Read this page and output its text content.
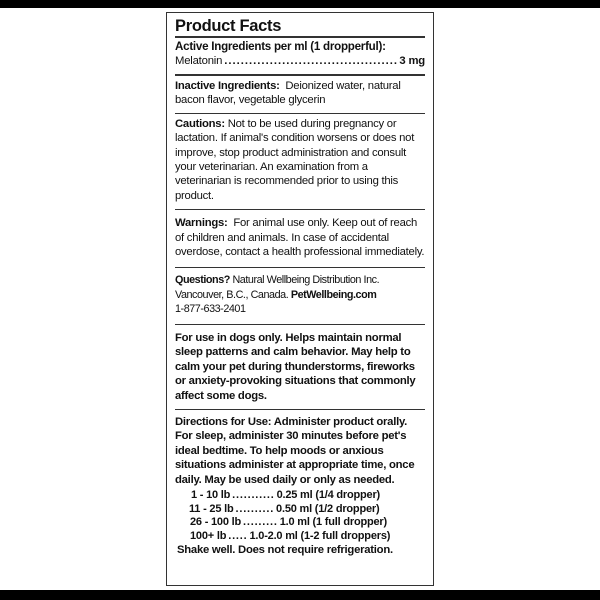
Product Facts
Active Ingredients per ml (1 dropperful):
Melatonin .....	3 mg
Inactive Ingredients: Deionized water, natural bacon flavor, vegetable glycerin
Cautions: Not to be used during pregnancy or lactation. If animal's condition worsens or does not improve, stop product administration and consult your veterinarian. An examination from a veterinarian is recommended prior to using this product.
Warnings: For animal use only. Keep out of reach of children and animals. In case of accidental overdose, contact a health professional immediately.
Questions? Natural Wellbeing Distribution Inc.
Vancouver, B.C., Canada. PetWellbeing.com
1-877-633-2401
For use in dogs only. Helps maintain normal sleep patterns and calm behavior. May help to calm your pet during thunderstorms, fireworks or anxiety-provoking situations that commonly affect some dogs.
Directions for Use: Administer product orally. For sleep, administer 30 minutes before pet's ideal bedtime. To help moods or anxious situations administer at appropriate time, once daily. May be used daily or only as needed.
1 - 10 lb ........... 0.25 ml (1/4 dropper)
11 - 25 lb .......... 0.50 ml (1/2 dropper)
26 - 100 lb ......... 1.0 ml (1 full dropper)
100+ lb ..... 1.0-2.0 ml (1-2 full droppers)
Shake well. Does not require refrigeration.
